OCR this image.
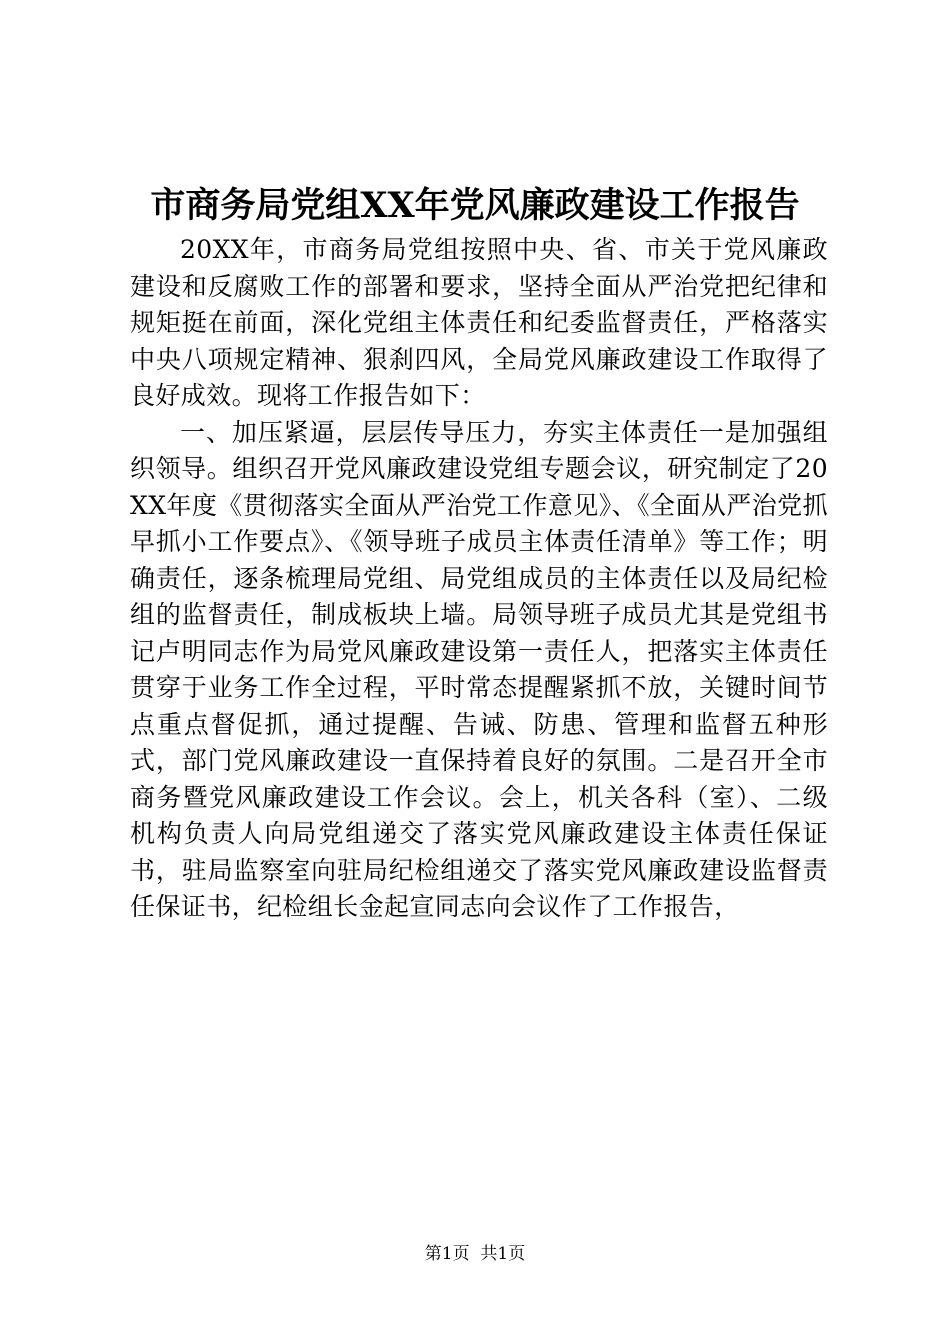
市商务局党组XX年党风廉政建设工作报告

20XX年，市商务局党组按照中央、省、市关于党风廉政建设和反腐败工作的部署和要求，坚持全面从严治党把纪律和规矩挺在前面，深化党组主体责任和纪委监督责任，严格落实中央八项规定精神、狠刹四风，全局党风廉政建设工作取得了良好成效。现将工作报告如下：

一、加压紧逼，层层传导压力，夯实主体责任一是加强组织领导。组织召开党风廉政建设党组专题会议，研究制定了20XX年度《贯彻落实全面从严治党工作意见》、《全面从严治党抓早抓小工作要点》、《领导班子成员主体责任清单》等工作；明确责任，逐条梳理局党组、局党组成员的主体责任以及局纪检组的监督责任，制成板块上墙。局领导班子成员尤其是党组书记卢明同志作为局党风廉政建设第一责任人，把落实主体责任贯穿于业务工作全过程，平时常态提醒紧抓不放，关键时间节点重点督促抓，通过提醒、告诫、防患、管理和监督五种形式，部门党风廉政建设一直保持着良好的氛围。二是召开全市商务暨党风廉政建设工作会议。会上，机关各科（室）、二级机构负责人向局党组递交了落实党风廉政建设主体责任保证书，驻局监察室向驻局纪检组递交了落实党风廉政建设监督责任保证书，纪检组长金起宣同志向会议作了工作报告，

第1页  共1页
